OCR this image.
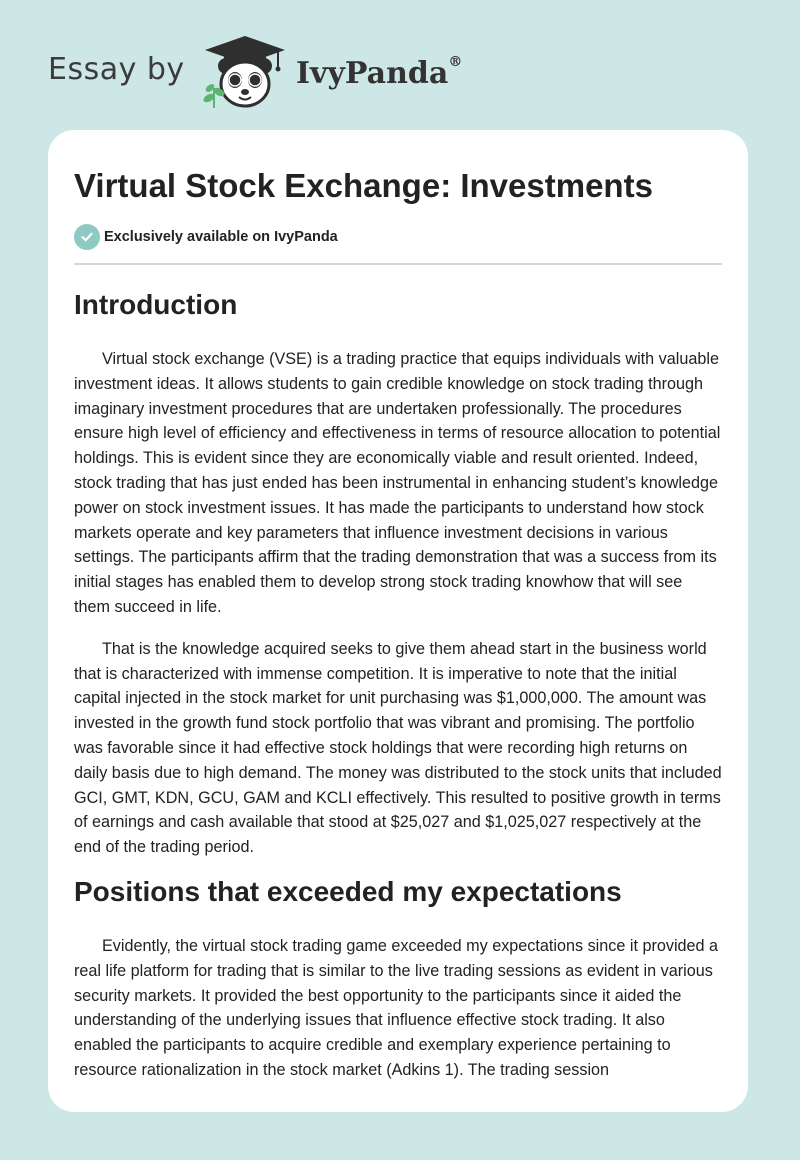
Essay by	IvyPanda®
Virtual Stock Exchange: Investments
Exclusively available on IvyPanda
Introduction

Virtual stock exchange (VSE) is a trading practice that equips individuals with valuable investment ideas. It allows students to gain credible knowledge on stock trading through imaginary investment procedures that are undertaken professionally. The procedures ensure high level of efficiency and effectiveness in terms of resource allocation to potential holdings. This is evident since they are economically viable and result oriented. Indeed, stock trading that has just ended has been instrumental in enhancing student’s knowledge power on stock investment issues. It has made the participants to understand how stock markets operate and key parameters that influence investment decisions in various settings. The participants affirm that the trading demonstration that was a success from its initial stages has enabled them to develop strong stock trading knowhow that will see them succeed in life.

That is the knowledge acquired seeks to give them ahead start in the business world that is characterized with immense competition. It is imperative to note that the initial capital injected in the stock market for unit purchasing was $1,000,000. The amount was invested in the growth fund stock portfolio that was vibrant and promising. The portfolio was favorable since it had effective stock holdings that were recording high returns on daily basis due to high demand. The money was distributed to the stock units that included GCI, GMT, KDN, GCU, GAM and KCLI effectively. This resulted to positive growth in terms of earnings and cash available that stood at $25,027 and $1,025,027 respectively at the end of the trading period.

Positions that exceeded my expectations

Evidently, the virtual stock trading game exceeded my expectations since it provided a real life platform for trading that is similar to the live trading sessions as evident in various security markets. It provided the best opportunity to the participants since it aided the understanding of the underlying issues that influence effective stock trading. It also enabled the participants to acquire credible and exemplary experience pertaining to resource rationalization in the stock market (Adkins 1). The trading session
